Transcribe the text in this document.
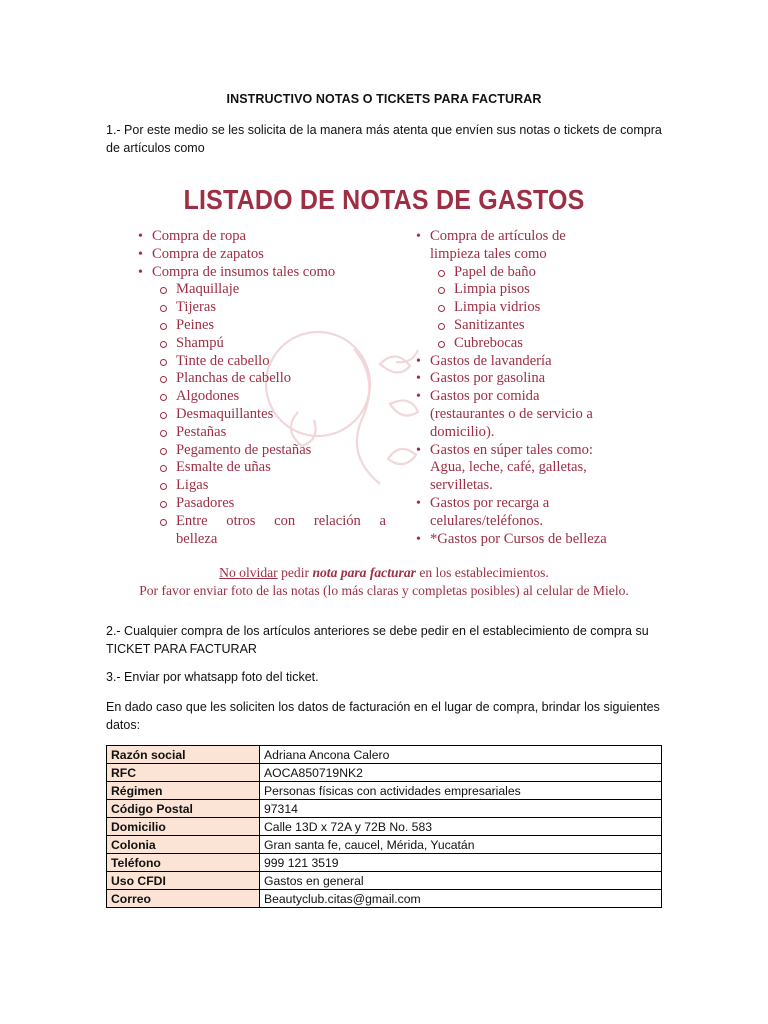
INSTRUCTIVO NOTAS O TICKETS PARA FACTURAR
1.- Por este medio se les solicita de la manera más atenta que envíen sus notas o tickets de compra de artículos como
LISTADO DE NOTAS DE GASTOS
• Compra de ropa
• Compra de zapatos
• Compra de insumos tales como
Maquillaje
Tijeras
Peines
Shampú
Tinte de cabello
Planchas de cabello
Algodones
Desmaquillantes
Pestañas
Pegamento de pestañas
Esmalte de uñas
Ligas
Pasadores
Entre otros con relación a
belleza
• Compra de artículos de
limpieza tales como
Papel de baño
Limpia pisos
Limpia vidrios
Sanitizantes
Cubrebocas
• Gastos de lavandería
• Gastos por gasolina
• Gastos por comida
(restaurantes o de servicio a
domicilio).
• Gastos en súper tales como:
Agua, leche, café, galletas,
servilletas.
• Gastos por recarga a
celulares/teléfonos.
• *Gastos por Cursos de belleza
No olvidar pedir nota para facturar en los establecimientos.
Por favor enviar foto de las notas (lo más claras y completas posibles) al celular de Mielo.
2.- Cualquier compra de los artículos anteriores se debe pedir en el establecimiento de compra su TICKET PARA FACTURAR
3.- Enviar por whatsapp foto del ticket.
En dado caso que les soliciten los datos de facturación en el lugar de compra, brindar los siguientes datos:
Razón social	Adriana Ancona Calero
RFC	AOCA850719NK2
Régimen	Personas físicas con actividades empresariales
Código Postal	97314
Domicilio	Calle 13D x 72A y 72B No. 583
Colonia	Gran santa fe, caucel, Mérida, Yucatán
Teléfono	999 121 3519
Uso CFDI	Gastos en general
Correo	Beautyclub.citas@gmail.com
